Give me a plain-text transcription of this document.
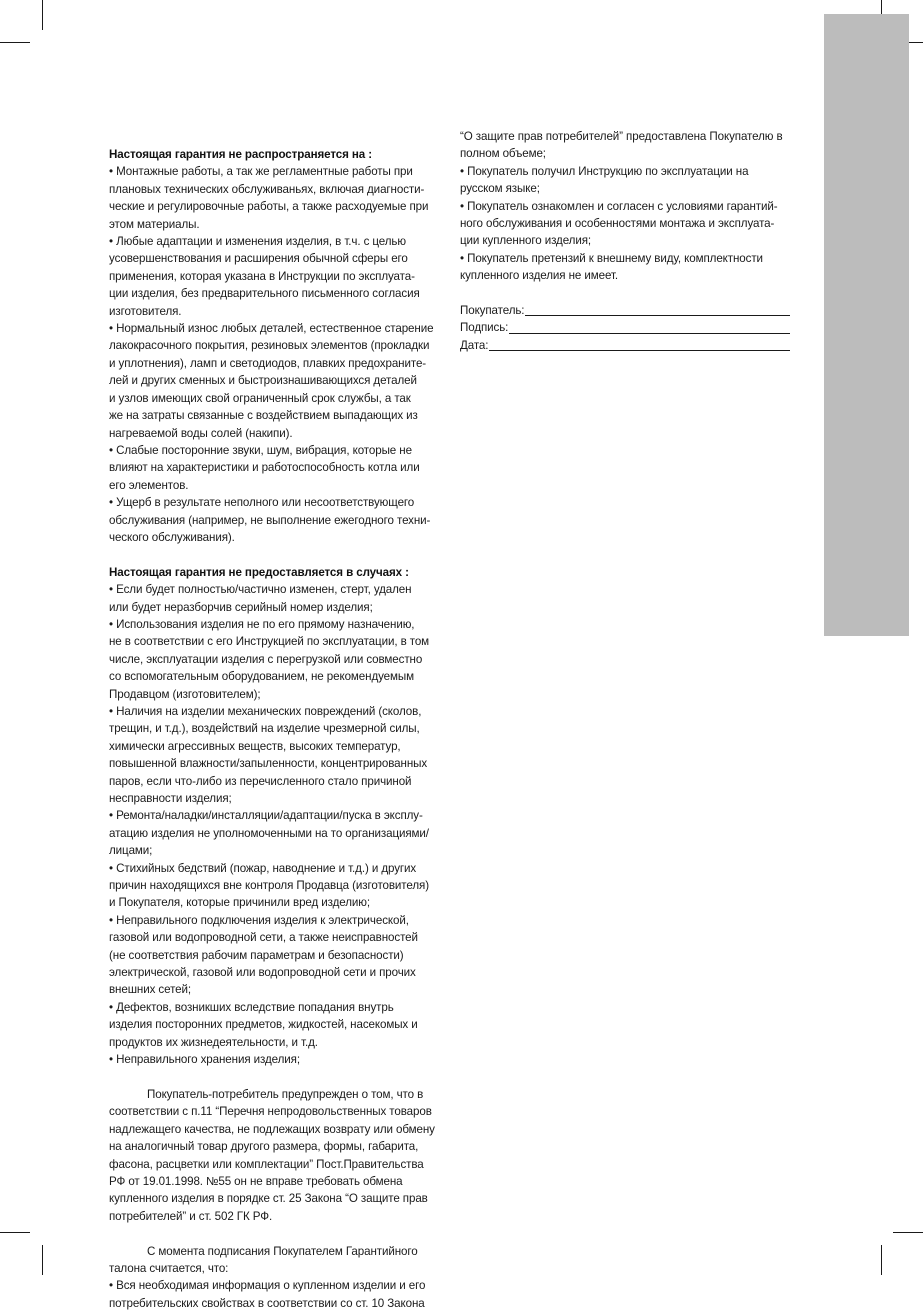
Настоящая гарантия не распространяется на :
• Монтажные работы, а так же регламентные работы при
плановых технических обслуживаньях, включая диагности-
ческие и регулировочные работы, а также расходуемые при
этом материалы.
• Любые адаптации и изменения изделия, в т.ч. с целью
усовершенствования и расширения обычной сферы его
применения, которая указана в Инструкции по эксплуата-
ции изделия, без предварительного письменного согласия
изготовителя.
• Нормальный износ любых деталей, естественное старение
лакокрасочного покрытия, резиновых элементов (прокладки
и уплотнения), ламп и светодиодов, плавких предохраните-
лей и других сменных и быстроизнашивающихся деталей
и узлов имеющих свой ограниченный срок службы, а так
же на затраты связанные с воздействием выпадающих из
нагреваемой воды солей (накипи).
• Слабые посторонние звуки, шум, вибрация, которые не
влияют на характеристики и работоспособность котла или
его элементов.
• Ущерб в результате неполного или несоответствующего
обслуживания (например, не выполнение ежегодного техни-
ческого обслуживания).
Настоящая гарантия не предоставляется в случаях :
• Если будет полностью/частично изменен, стерт, удален
или будет неразборчив серийный номер изделия;
• Использования изделия не по его прямому назначению,
не в соответствии с его Инструкцией по эксплуатации, в том
числе, эксплуатации изделия с перегрузкой или совместно
со вспомогательным оборудованием, не рекомендуемым
Продавцом (изготовителем);
• Наличия на изделии механических повреждений (сколов,
трещин, и т.д.), воздействий на изделие чрезмерной силы,
химически агрессивных веществ, высоких температур,
повышенной влажности/запыленности, концентрированных
паров, если что-либо из перечисленного стало причиной
несправности изделия;
• Ремонта/наладки/инсталляции/адаптации/пуска в эксплу-
атацию изделия не уполномоченными на то организациями/
лицами;
• Стихийных бедствий (пожар, наводнение и т.д.) и других
причин находящихся вне контроля Продавца (изготовителя)
и Покупателя, которые причинили вред изделию;
• Неправильного подключения изделия к электрической,
газовой или водопроводной сети, а также неисправностей
(не соответствия рабочим параметрам и безопасности)
электрической, газовой или водопроводной сети и прочих
внешних сетей;
• Дефектов, возникших вследствие попадания внутрь
изделия посторонних предметов, жидкостей, насекомых и
продуктов их жизнедеятельности, и т.д.
• Неправильного хранения изделия;
Покупатель-потребитель предупрежден о том, что в
соответствии с п.11 “Перечня непродовольственных товаров
надлежащего качества, не подлежащих возврату или обмену
на аналогичный товар другого размера, формы, габарита,
фасона, расцветки или комплектации” Пост.Правительства
РФ от 19.01.1998. №55 он не вправе требовать обмена
купленного изделия в порядке ст. 25 Закона “О защите прав
потребителей” и ст. 502 ГК РФ.
С момента подписания Покупателем Гарантийного
талона считается, что:
• Вся необходимая информация о купленном изделии и его
потребительских свойствах в соответствии со ст. 10 Закона
“О защите прав потребителей” предоставлена Покупателю в
полном объеме;
• Покупатель получил Инструкцию по эксплуатации на
русском языке;
• Покупатель ознакомлен и согласен с условиями гарантий-
ного обслуживания и особенностями монтажа и эксплуата-
ции купленного изделия;
• Покупатель претензий к внешнему виду, комплектности
купленного изделия не имеет.
Покупатель:
Подпись:
Дата:
